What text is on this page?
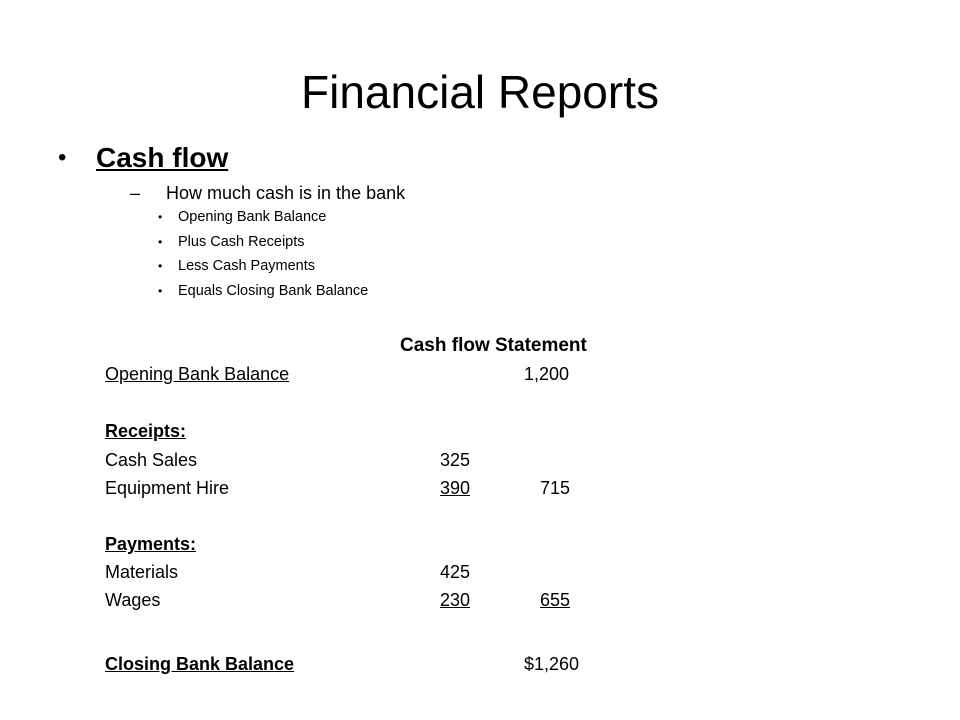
Financial Reports
• Cash flow
– How much cash is in the bank
• Opening Bank Balance
• Plus Cash Receipts
• Less Cash Payments
• Equals Closing Bank Balance
Cash flow Statement
Opening Bank Balance	1,200
Receipts:
Cash Sales	325
Equipment Hire	390	715
Payments:
Materials	425
Wages	230	655
Closing Bank Balance	$1,260
